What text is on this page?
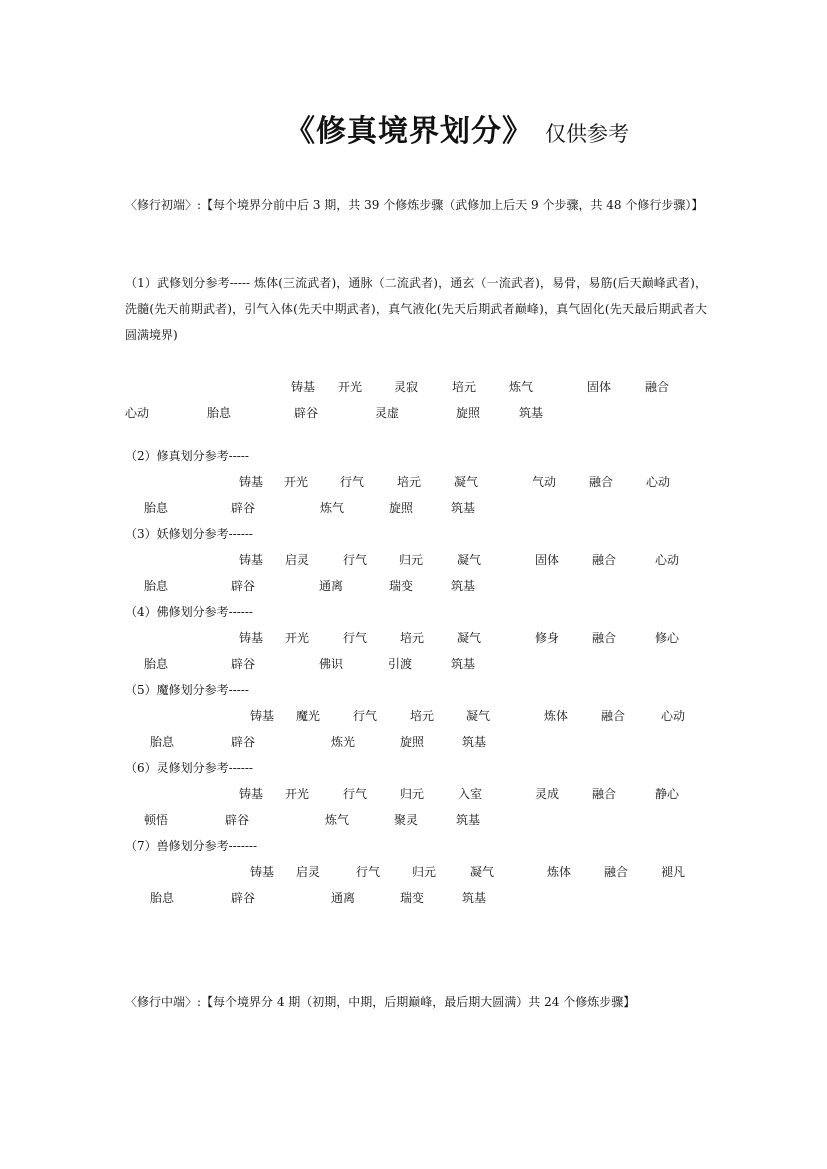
《修真境界划分》 仅供参考
〈修行初端〉:【每个境界分前中后 3 期，共 39 个修炼步骤（武修加上后天 9 个步骤，共 48 个修行步骤）】
（1）武修划分参考----- 炼体(三流武者)，通脉（二流武者)，通玄（一流武者)，易骨，易筋(后天巅峰武者)，洗髓(先天前期武者)，引气入体(先天中期武者)，真气液化(先天后期武者巅峰)，真气固化(先天最后期武者大圆满境界)
铸基 开光	灵寂	培元	炼气	固体	融合
心动	胎息	辟谷	灵虚	旋照	筑基
（2）修真划分参考-----
铸基 开光	行气	培元	凝气	气动	融合	心动
胎息	辟谷	炼气	旋照	筑基
（3）妖修划分参考------
铸基 启灵	行气	归元	凝气	固体	融合	心动
胎息	辟谷	通离	瑞变	筑基
（4）佛修划分参考------
铸基 开光	行气	培元	凝气	修身	融合	修心
胎息	辟谷	佛识	引渡	筑基
（5）魔修划分参考-----
铸基 魔光	行气	培元	凝气	炼体	融合	心动
胎息	辟谷	炼光	旋照	筑基
（6）灵修划分参考------
铸基 开光	行气	归元	入室	灵成	融合	静心
顿悟	辟谷	炼气	聚灵	筑基
（7）兽修划分参考-------
铸基 启灵	行气	归元	凝气	炼体	融合	褪凡
胎息	辟谷	通离	瑞变	筑基
〈修行中端〉:【每个境界分 4 期（初期，中期，后期巅峰，最后期大圆满）共 24 个修炼步骤】
